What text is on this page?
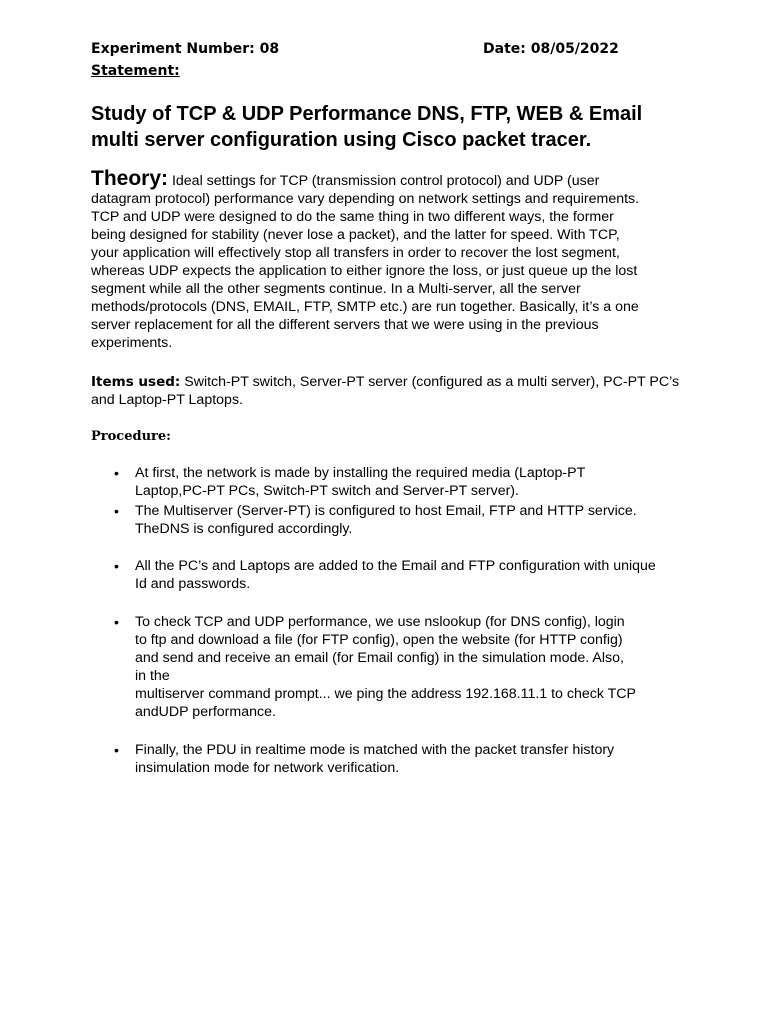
Experiment Number: 08	Date: 08/05/2022
Statement:
Study of TCP & UDP Performance DNS, FTP, WEB & Email multi server configuration using Cisco packet tracer.

Theory: Ideal settings for TCP (transmission control protocol) and UDP (user
datagram protocol) performance vary depending on network settings and requirements.
TCP and UDP were designed to do the same thing in two different ways, the former
being designed for stability (never lose a packet), and the latter for speed. With TCP,
your application will effectively stop all transfers in order to recover the lost segment,
whereas UDP expects the application to either ignore the loss, or just queue up the lost
segment while all the other segments continue. In a Multi-server, all the server
methods/protocols (DNS, EMAIL, FTP, SMTP etc.) are run together. Basically, it’s a one
server replacement for all the different servers that we were using in the previous
experiments.

Items used: Switch-PT switch, Server-PT server (configured as a multi server), PC-PT PC’s
and Laptop-PT Laptops.

Procedure:

• At first, the network is made by installing the required media (Laptop-PT
Laptop,PC-PT PCs, Switch-PT switch and Server-PT server).

• The Multiserver (Server-PT) is configured to host Email, FTP and HTTP service.
TheDNS is configured accordingly.

• All the PC’s and Laptops are added to the Email and FTP configuration with unique
Id and passwords.

• To check TCP and UDP performance, we use nslookup (for DNS config), login
to ftp and download a file (for FTP config), open the website (for HTTP config)
and send and receive an email (for Email config) in the simulation mode. Also,
in the
multiserver command prompt... we ping the address 192.168.11.1 to check TCP
andUDP performance.

• Finally, the PDU in realtime mode is matched with the packet transfer history
insimulation mode for network verification.
